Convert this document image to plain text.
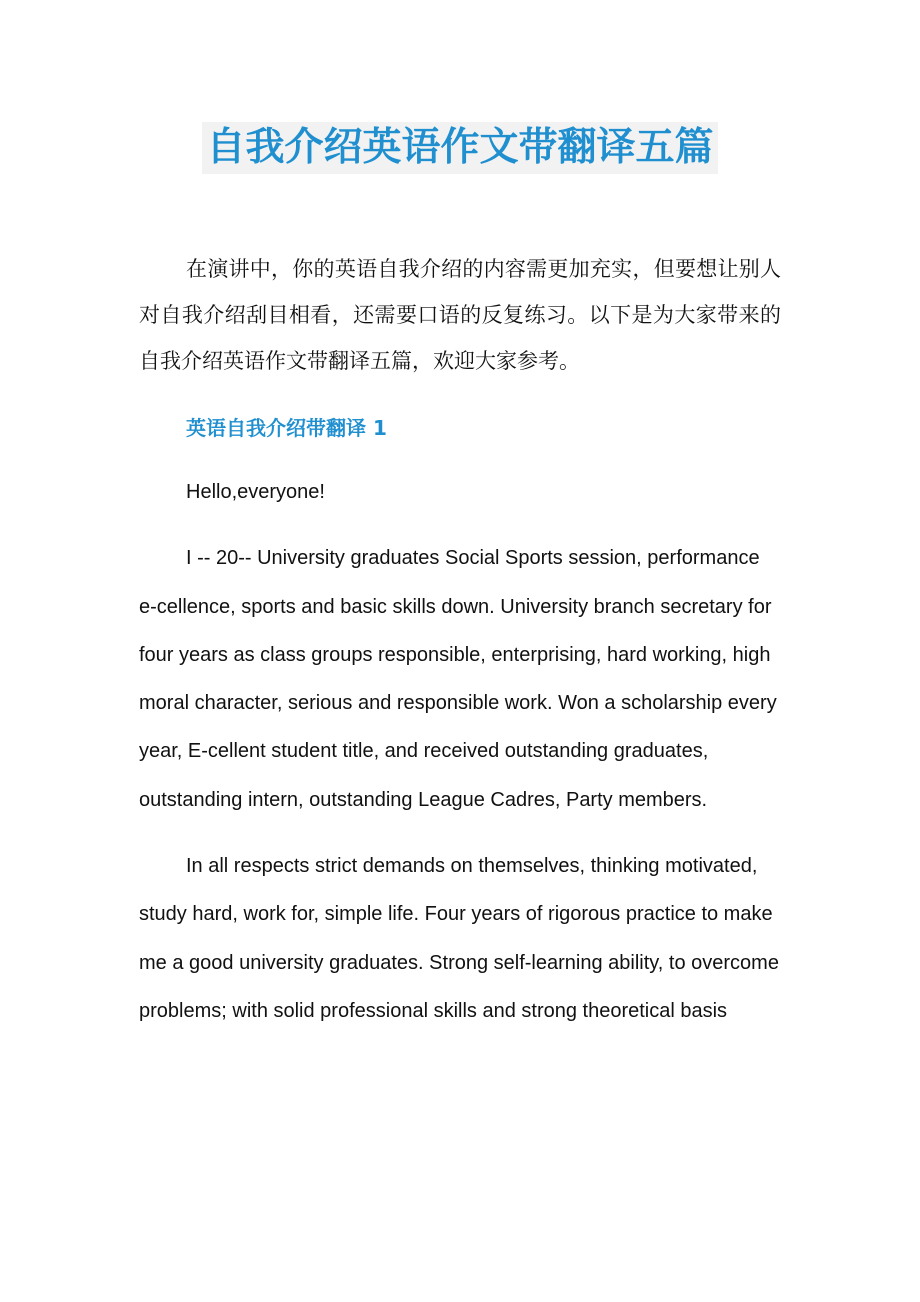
自我介绍英语作文带翻译五篇

在演讲中，你的英语自我介绍的内容需更加充实，但要想让别人对自我介绍刮目相看，还需要口语的反复练习。以下是为大家带来的自我介绍英语作文带翻译五篇，欢迎大家参考。

英语自我介绍带翻译 1

Hello,everyone!

I -- 20-- University graduates Social Sports session, performance e-cellence, sports and basic skills down. University branch secretary for four years as class groups responsible, enterprising, hard working, high moral character, serious and responsible work. Won a scholarship every year, E-cellent student title, and received outstanding graduates, outstanding intern, outstanding League Cadres, Party members.

In all respects strict demands on themselves, thinking motivated, study hard, work for, simple life. Four years of rigorous practice to make me a good university graduates. Strong self-learning ability, to overcome problems; with solid professional skills and strong theoretical basis
